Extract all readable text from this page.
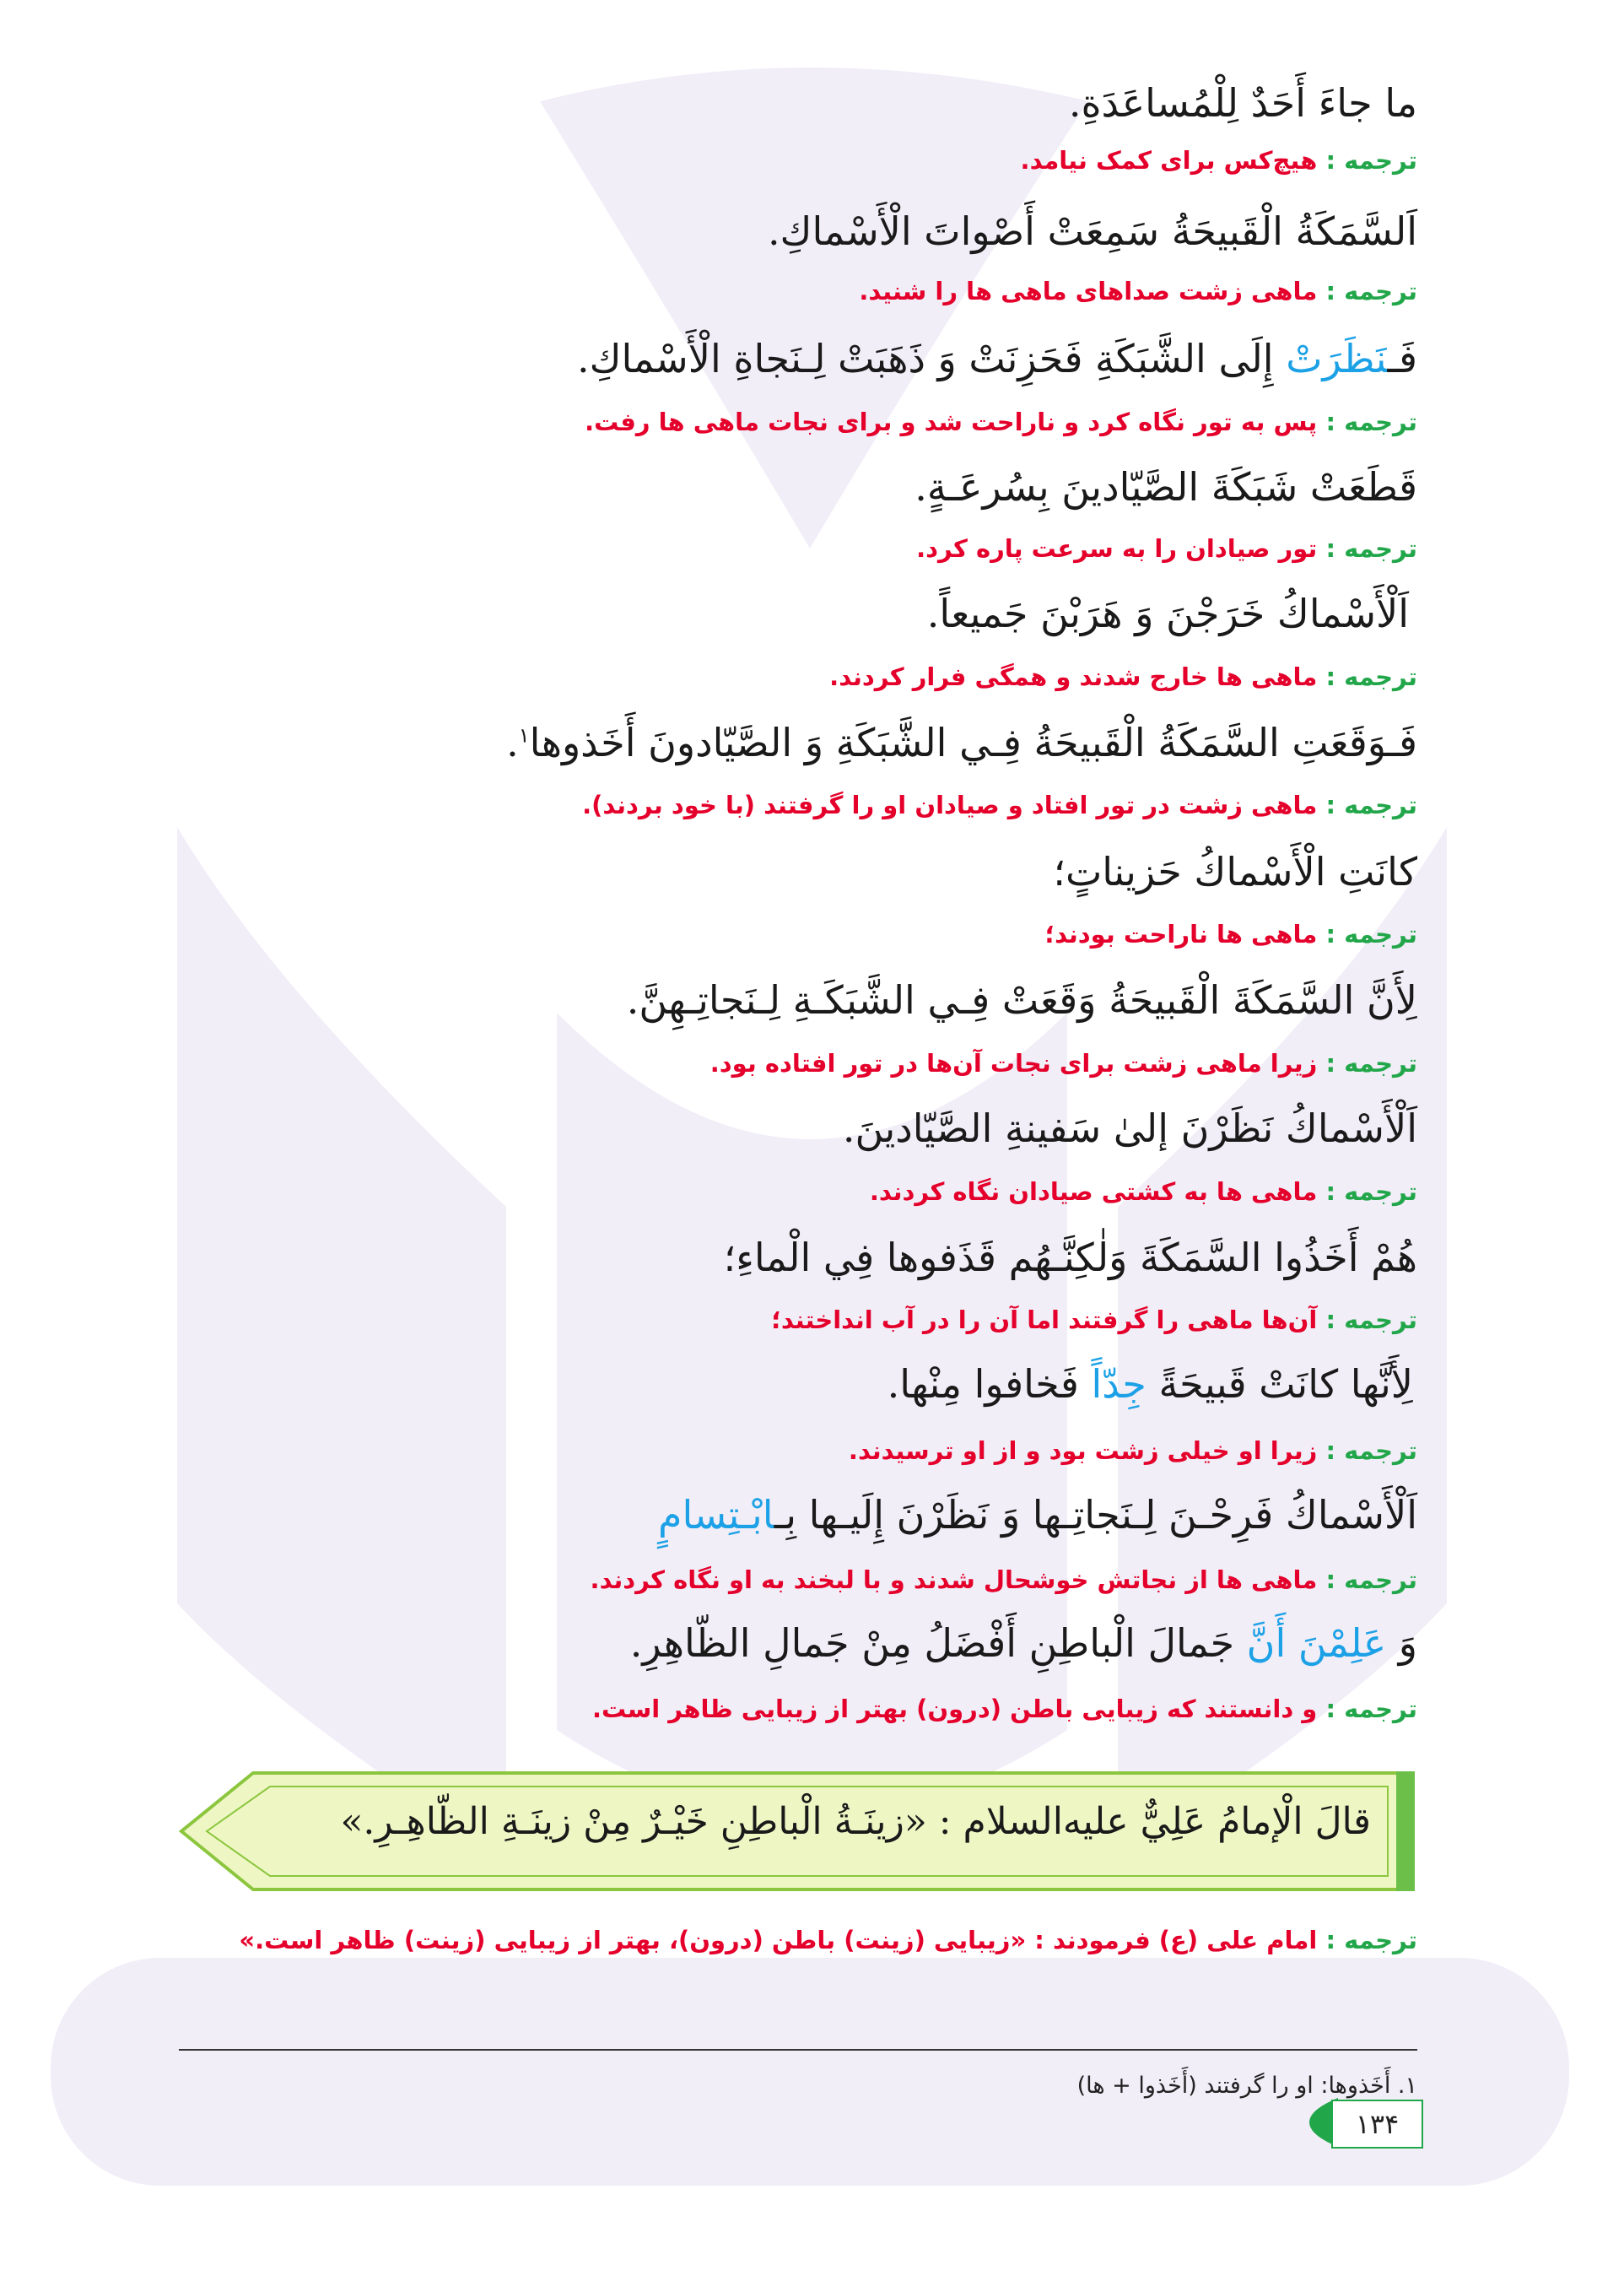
ما جاءَ أَحَدٌ لِلْمُساعَدَةِ.

ترجمه : هیچ‌کس برای کمک نیامد.

اَلسَّمَكَةُ الْقَبیحَةُ سَمِعَتْ أَصْواتَ الْأَسْماكِ.

ترجمه : ماهی زشت صداهای ماهی ها را شنید.

فَـنَظَرَتْ إِلَی الشَّبَكَةِ فَحَزِنَتْ وَ ذَهَبَتْ لِـنَجاةِ الْأَسْماكِ.

ترجمه : پس به تور نگاه کرد و ناراحت شد و برای نجات ماهی ها رفت.

قَطَعَتْ شَبَكَةَ الصَّیّادینَ بِسُرعَـةٍ.

ترجمه : تور صیادان را به سرعت پاره کرد.

اَلْأَسْماكُ خَرَجْنَ وَ هَرَبْنَ جَمیعاً.

ترجمه : ماهی ها خارج شدند و همگی فرار کردند.

فَـوَقَعَتِ السَّمَكَةُ الْقَبیحَةُ فِـي الشَّبَكَةِ وَ الصَّیّادونَ أَخَذوها$^۱$.

ترجمه : ماهی زشت در تور افتاد و صیادان او را گرفتند (با خود بردند).

كانَتِ الْأَسْماكُ حَزیناتٍ؛

ترجمه : ماهی ها ناراحت بودند؛

لِأَنَّ السَّمَكَةَ الْقَبیحَةُ وَقَعَتْ فِـي الشَّبَكَـةِ لِـنَجاتِـهِنَّ.

ترجمه : زیرا ماهی زشت برای نجات آن‌ها در تور افتاده بود.

اَلْأَسْماكُ نَظَرْنَ إلیٰ سَفینةِ الصَّیّادینَ.

ترجمه : ماهی ها به کشتی صیادان نگاه کردند.

هُمْ أَخَذُوا السَّمَكَةَ وَلٰكِنَّـهُم قَذَفوها فِي الْماءِ؛

ترجمه : آن‌ها ماهی را گرفتند اما آن را در آب انداختند؛

لِأَنَّها كانَتْ قَبیحَةً جِدّاً فَخافوا مِنْها.

ترجمه : زیرا او خیلی زشت بود و از او ترسیدند.

اَلْأَسْماكُ فَرِحْـنَ لِـنَجاتِـها وَ نَظَرْنَ إِلَیـها بِـابْـتِسامٍ

ترجمه : ماهی ها از نجاتش خوشحال شدند و با لبخند به او نگاه کردند.

وَ عَلِمْنَ أَنَّ جَمالَ الْباطِنِ أَفْضَلُ مِنْ جَمالِ الظّاهِرِ.

ترجمه : و دانستند که زیبایی باطن (درون) بهتر از زیبایی ظاهر است.

قالَ الْإمامُ عَلِيٌّ عليه‌السلام : «زینَـةُ الْباطِنِ خَیْـرٌ مِنْ زینَـةِ الظّاهِـرِ.»

ترجمه : امام علی (ع) فرمودند : «زیبایی (زینت) باطن (درون)، بهتر از زیبایی (زینت) ظاهر است.»

۱. أَخَذوها: او را گرفتند (أَخَذوا + ها)
۱۳۴
